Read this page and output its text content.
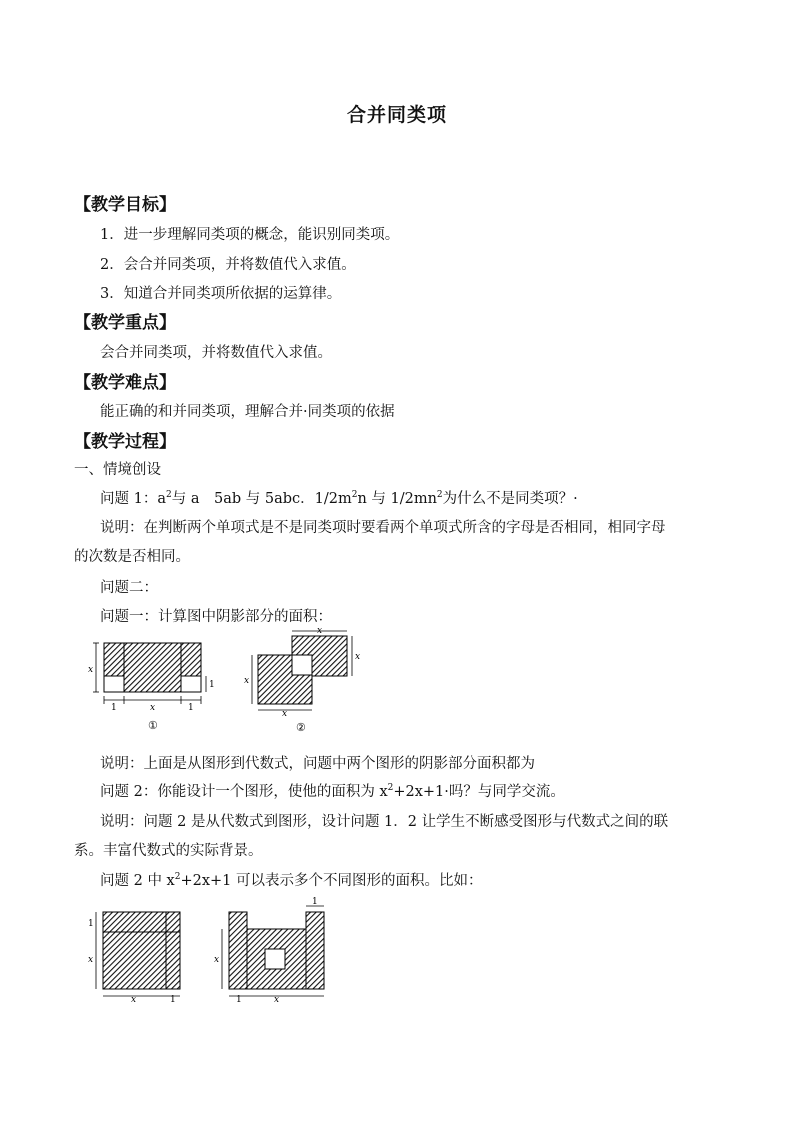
合并同类项
【教学目标】
1．进一步理解同类项的概念，能识别同类项。
2．会合并同类项，并将数值代入求值。
3．知道合并同类项所依据的运算律。
【教学重点】
会合并同类项，并将数值代入求值。
【教学难点】
能正确的和并同类项，理解合并·同类项的依据
【教学过程】
一、情境创设
问题 1：$a^2$与 a　5ab 与 5abc．$1/2m^2n$ 与 $1/2mn^2$为什么不是同类项？·
说明：在判断两个单项式是不是同类项时要看两个单项式所含的字母是否相同，相同字母
的次数是否相同。
问题二：
问题一：计算图中阴影部分的面积：
x
1
1	x	1
①
x
x
x
x
②
1
x
x	1
x
1
1	x
说明：上面是从图形到代数式，问题中两个图形的阴影部分面积都为
问题 2：你能设计一个图形，使他的面积为 $x^2+2x+1\cdot$吗？与同学交流。
说明：问题 2 是从代数式到图形，设计问题 1．2 让学生不断感受图形与代数式之间的联
系。丰富代数式的实际背景。
问题 2 中 $x^2+2x+1$ 可以表示多个不同图形的面积。比如：
